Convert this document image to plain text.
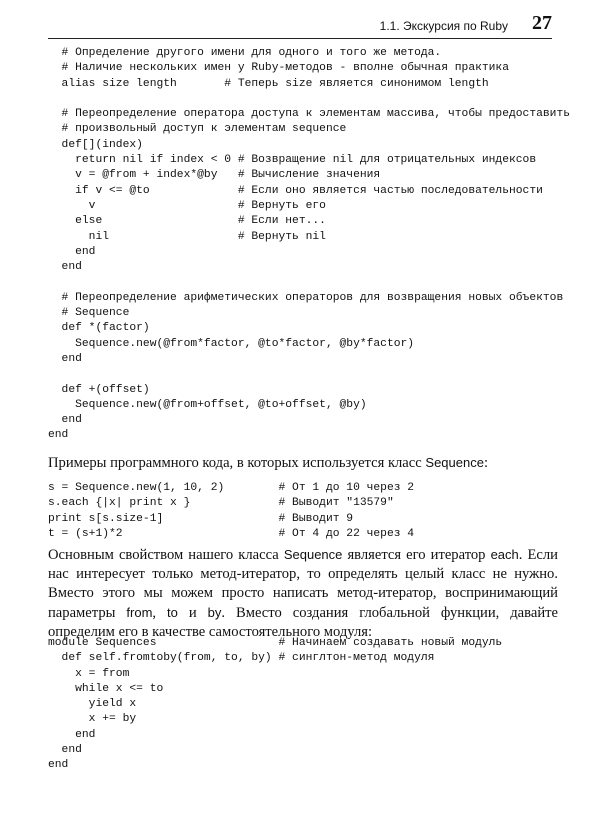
1.1. Экскурсия по Ruby 27
# Определение другого имени для одного и того же метода.
# Наличие нескольких имен у Ruby-методов - вполне обычная практика
alias size length       # Теперь size является синонимом length
# Переопределение оператора доступа к элементам массива, чтобы предоставить
# произвольный доступ к элементам sequence
def[](index)
return nil if index < 0 # Возвращение nil для отрицательных индексов
v = @from + index*@by   # Вычисление значения
if v <= @to             # Если оно является частью последовательности
v                     # Вернуть его
else                    # Если нет...
nil                   # Вернуть nil
end
end
# Переопределение арифметических операторов для возвращения новых объектов
# Sequence
def *(factor)
Sequence.new(@from*factor, @to*factor, @by*factor)
end
def +(offset)
Sequence.new(@from+offset, @to+offset, @by)
end
end

Примеры программного кода, в которых используется класс Sequence:

s = Sequence.new(1, 10, 2)        # От 1 до 10 через 2
s.each {|x| print x }             # Выводит "13579"
print s[s.size-1]                 # Выводит 9
t = (s+1)*2                       # От 4 до 22 через 4

Основным свойством нашего класса Sequence является его итератор each. Если нас интересует только метод-итератор, то определять целый класс не нужно. Вместо этого мы можем просто написать метод-итератор, воспринимающий параметры from, to и by. Вместо создания глобальной функции, давайте определим его в качестве самостоятельного модуля:

module Sequences                  # Начинаем создавать новый модуль
def self.fromtoby(from, to, by) # синглтон-метод модуля
x = from
while x <= to
yield x
x += by
end
end
end
